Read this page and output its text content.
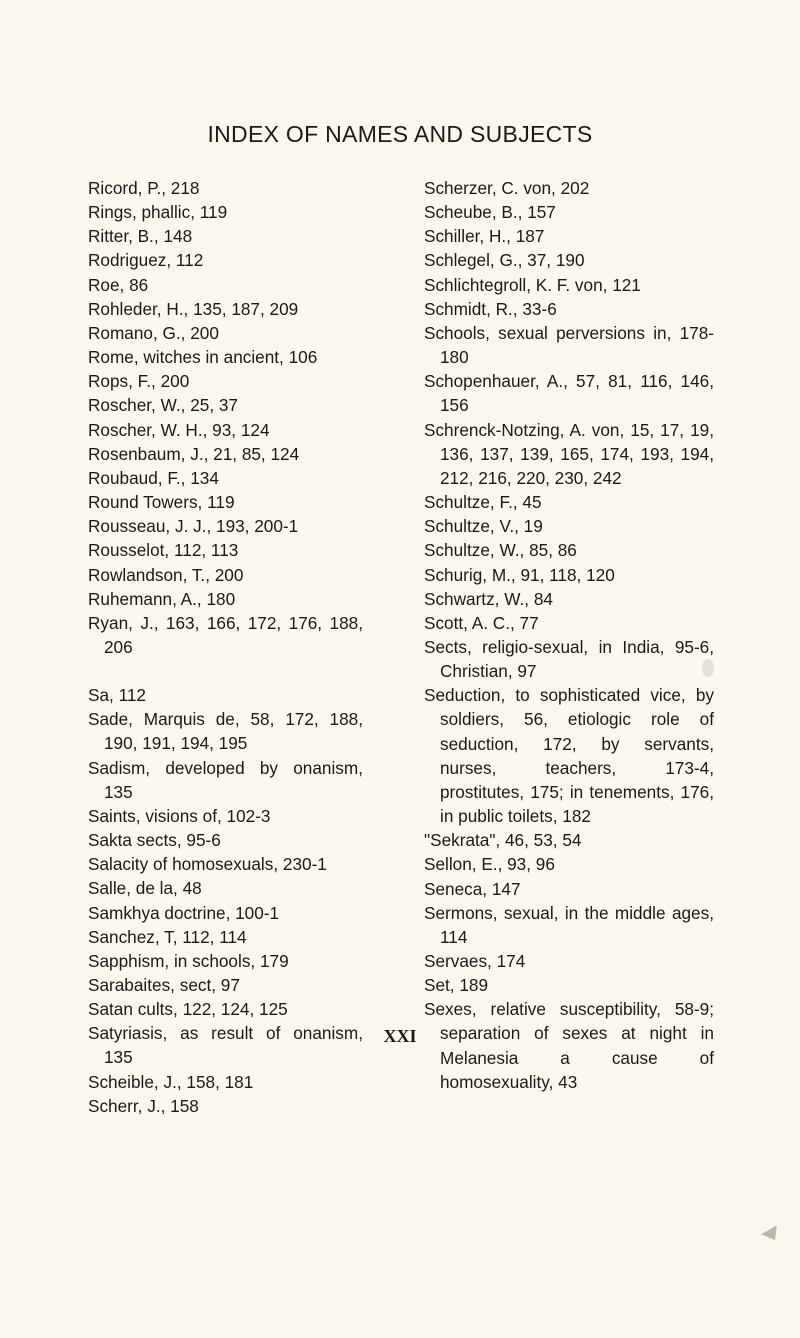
INDEX OF NAMES AND SUBJECTS
Ricord, P., 218
Rings, phallic, 119
Ritter, B., 148
Rodriguez, 112
Roe, 86
Rohleder, H., 135, 187, 209
Romano, G., 200
Rome, witches in ancient, 106
Rops, F., 200
Roscher, W., 25, 37
Roscher, W. H., 93, 124
Rosenbaum, J., 21, 85, 124
Roubaud, F., 134
Round Towers, 119
Rousseau, J. J., 193, 200-1
Rousselot, 112, 113
Rowlandson, T., 200
Ruhemann, A., 180
Ryan, J., 163, 166, 172, 176, 188, 206
Sa, 112
Sade, Marquis de, 58, 172, 188, 190, 191, 194, 195
Sadism, developed by onanism, 135
Saints, visions of, 102-3
Sakta sects, 95-6
Salacity of homosexuals, 230-1
Salle, de la, 48
Samkhya doctrine, 100-1
Sanchez, T, 112, 114
Sapphism, in schools, 179
Sarabaites, sect, 97
Satan cults, 122, 124, 125
Satyriasis, as result of onanism, 135
Scheible, J., 158, 181
Scherr, J., 158
Scherzer, C. von, 202
Scheube, B., 157
Schiller, H., 187
Schlegel, G., 37, 190
Schlichtegroll, K. F. von, 121
Schmidt, R., 33-6
Schools, sexual perversions in, 178-180
Schopenhauer, A., 57, 81, 116, 146, 156
Schrenck-Notzing, A. von, 15, 17, 19, 136, 137, 139, 165, 174, 193, 194, 212, 216, 220, 230, 242
Schultze, F., 45
Schultze, V., 19
Schultze, W., 85, 86
Schurig, M., 91, 118, 120
Schwartz, W., 84
Scott, A. C., 77
Sects, religio-sexual, in India, 95-6, Christian, 97
Seduction, to sophisticated vice, by soldiers, 56, etiologic role of seduction, 172, by servants, nurses, teachers, 173-4, prostitutes, 175; in tenements, 176, in public toilets, 182
"Sekrata", 46, 53, 54
Sellon, E., 93, 96
Seneca, 147
Sermons, sexual, in the middle ages, 114
Servaes, 174
Set, 189
Sexes, relative susceptibility, 58-9; separation of sexes at night in Melanesia a cause of homosexuality, 43
XXI
